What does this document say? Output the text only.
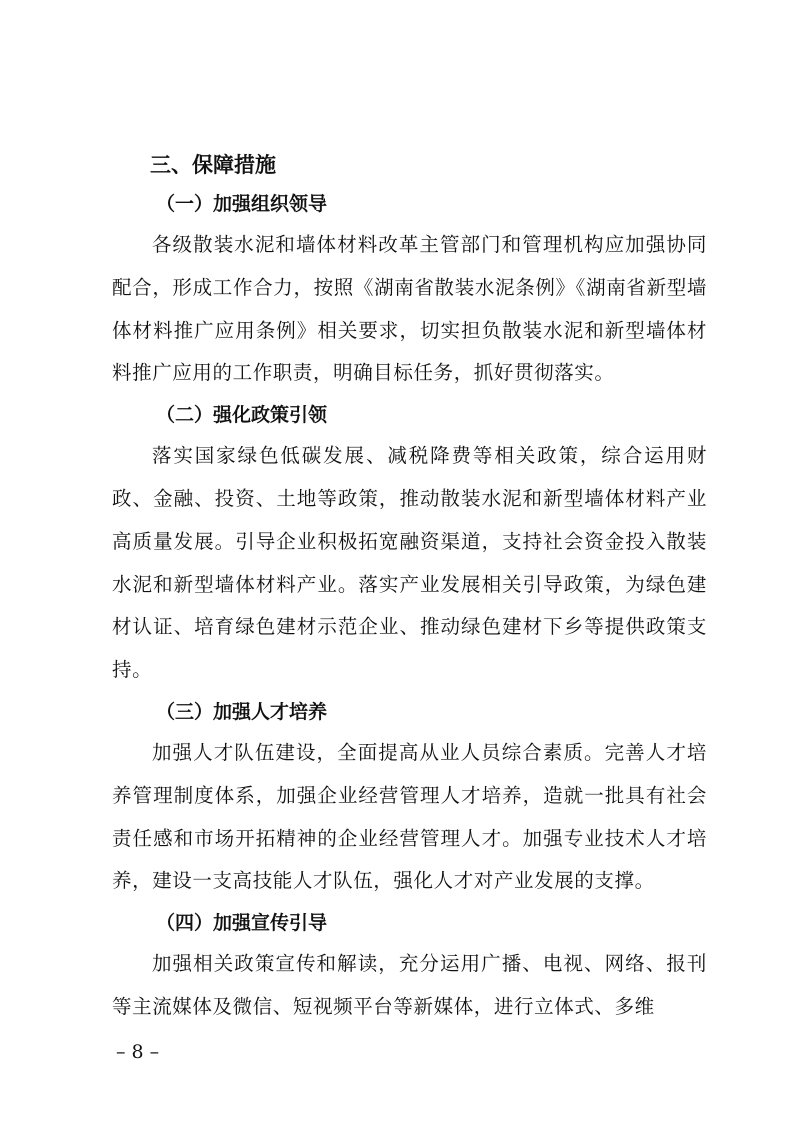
三、保障措施
（一）加强组织领导

各级散装水泥和墙体材料改革主管部门和管理机构应加强协同配合，形成工作合力，按照《湖南省散装水泥条例》《湖南省新型墙体材料推广应用条例》相关要求，切实担负散装水泥和新型墙体材料推广应用的工作职责，明确目标任务，抓好贯彻落实。

（二）强化政策引领

落实国家绿色低碳发展、减税降费等相关政策，综合运用财政、金融、投资、土地等政策，推动散装水泥和新型墙体材料产业高质量发展。引导企业积极拓宽融资渠道，支持社会资金投入散装水泥和新型墙体材料产业。落实产业发展相关引导政策，为绿色建材认证、培育绿色建材示范企业、推动绿色建材下乡等提供政策支持。

（三）加强人才培养

加强人才队伍建设，全面提高从业人员综合素质。完善人才培养管理制度体系，加强企业经营管理人才培养，造就一批具有社会责任感和市场开拓精神的企业经营管理人才。加强专业技术人才培养，建设一支高技能人才队伍，强化人才对产业发展的支撑。

（四）加强宣传引导

加强相关政策宣传和解读，充分运用广播、电视、网络、报刊等主流媒体及微信、短视频平台等新媒体，进行立体式、多维

– 8 –
